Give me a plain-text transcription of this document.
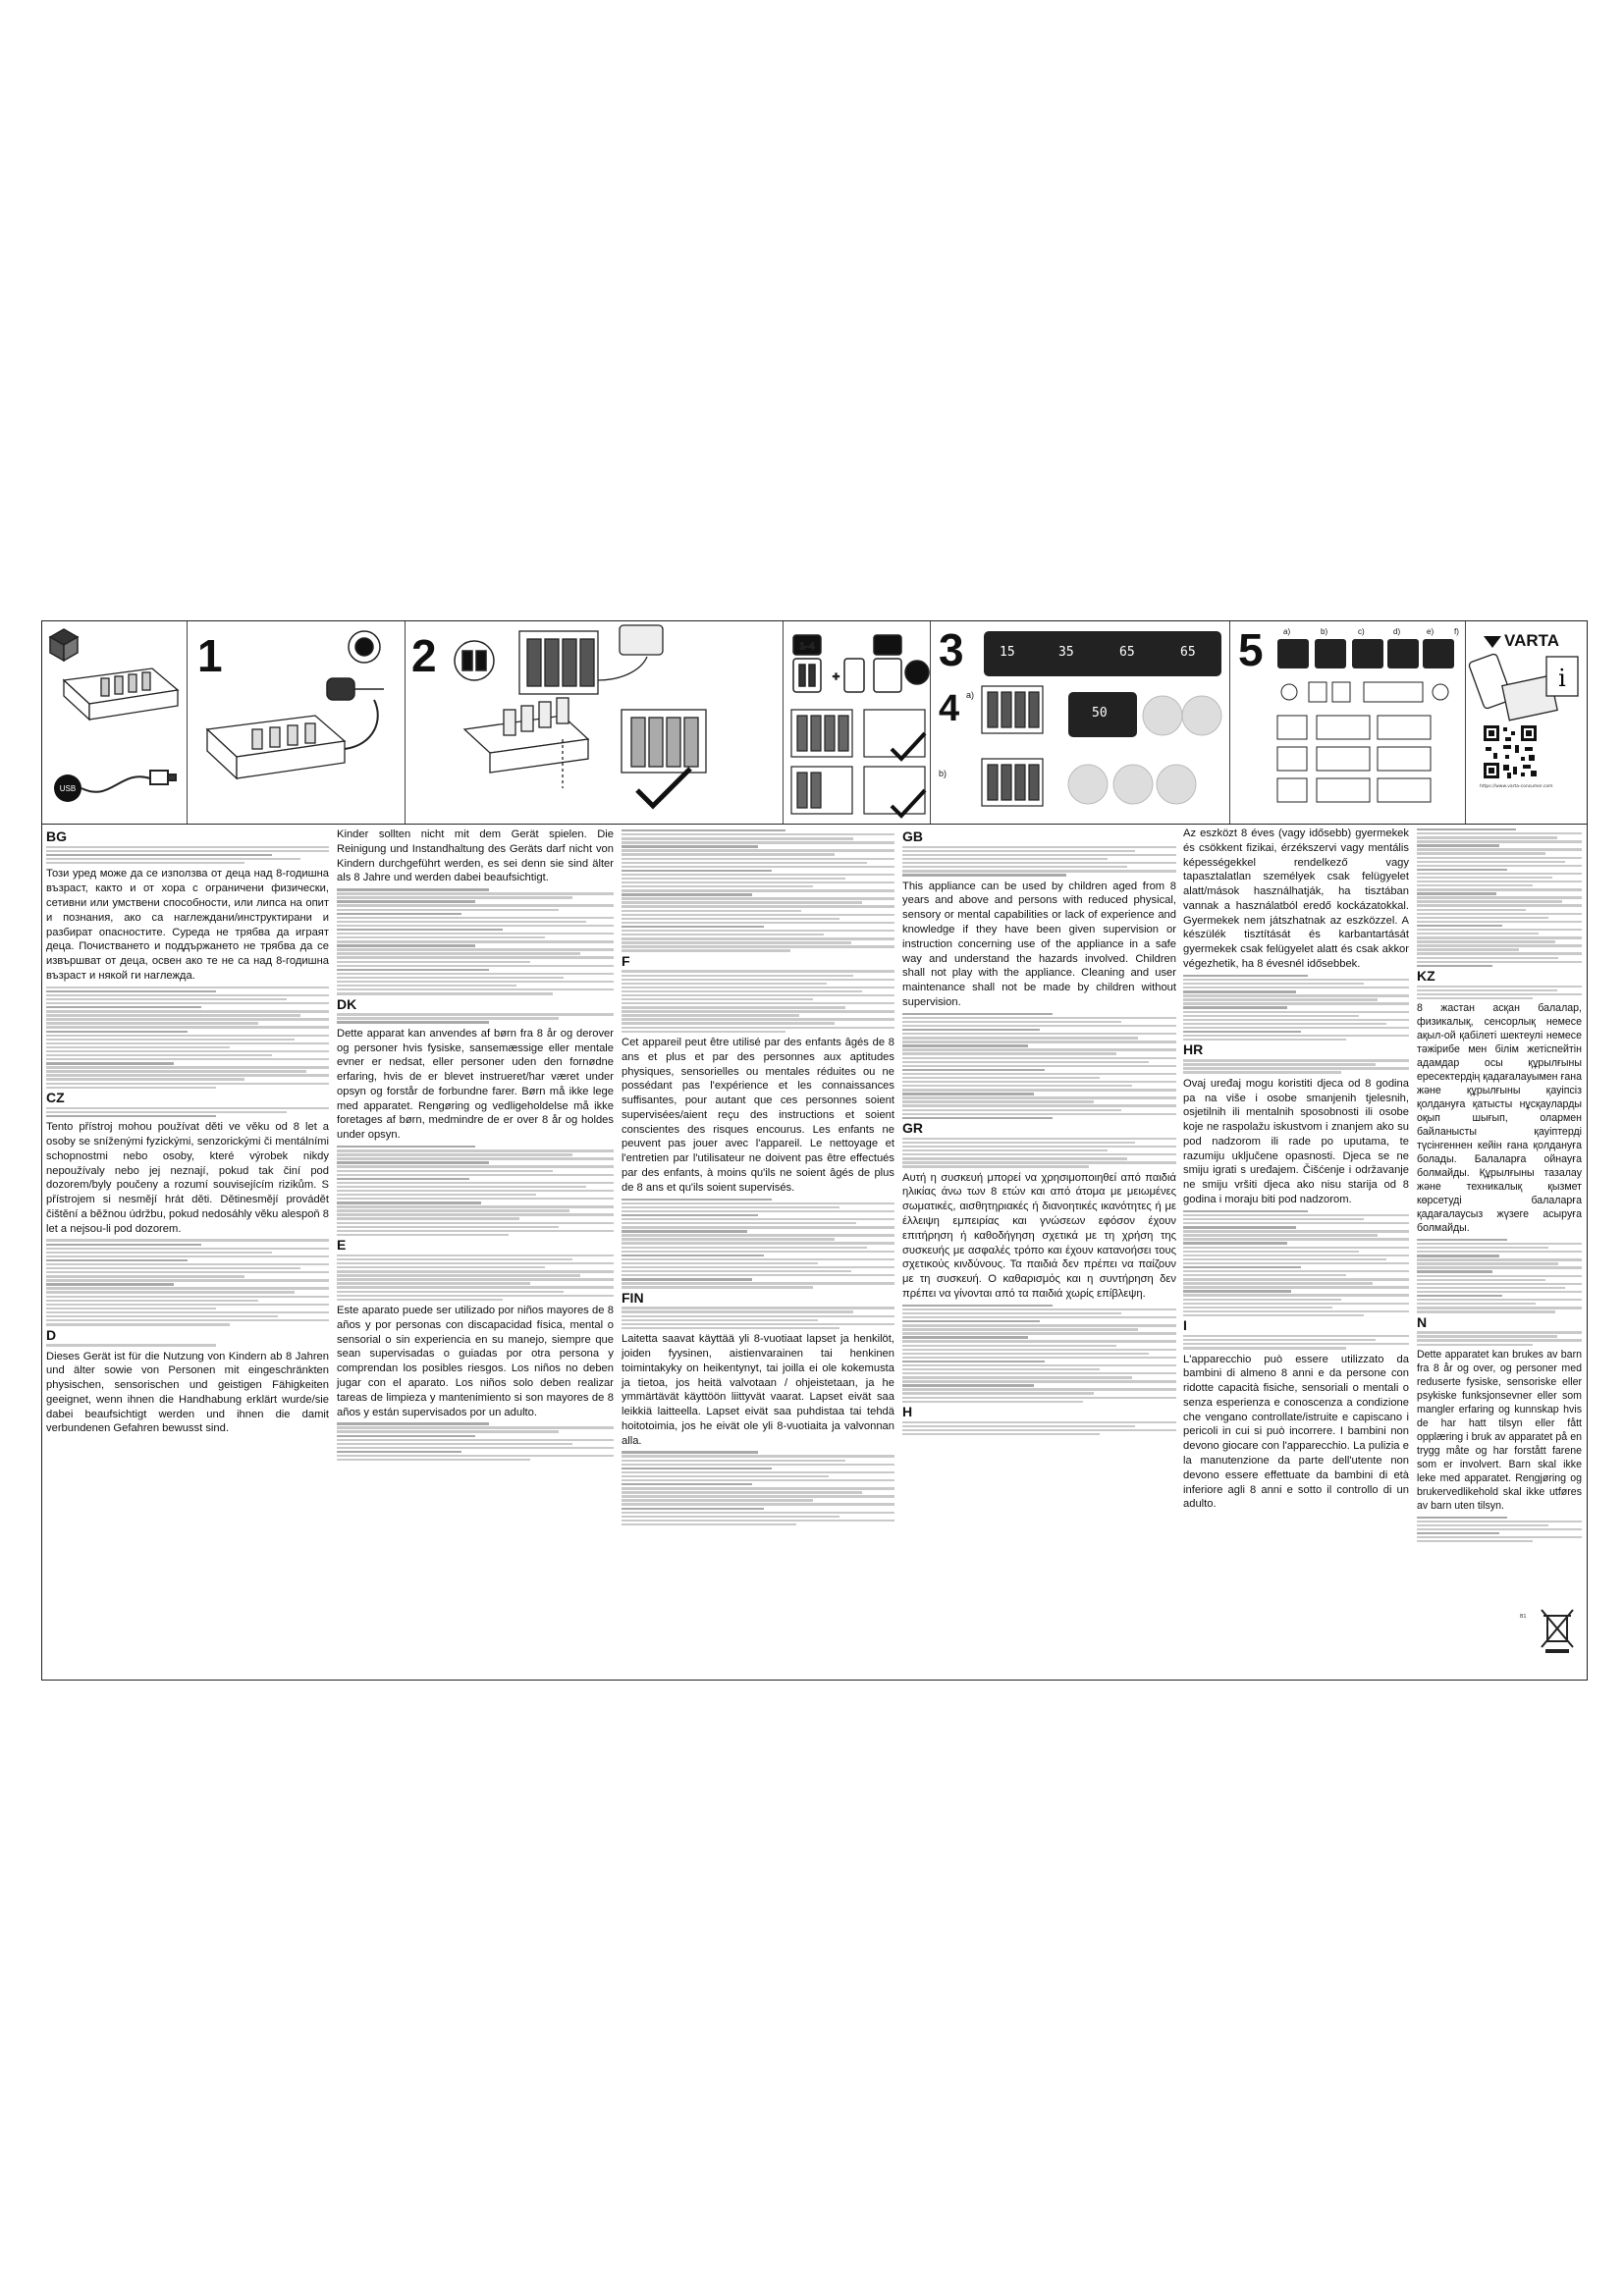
USB
1	2	1–4
+
3	15	35	65	65
4 a)
b)
50
5	a)	b)	c)	d)	e)	f)	VARTA
i
https://www.varta-consumer.com
BG
Този уред може да се използва от деца над 8-годишна възраст, както и от хора с ограничени физически, сетивни или умствени способности, или липса на опит и познания, ако са наглеждани/инструктирани и разбират опасностите. Суреда не трябва да играят деца. Почистването и поддържането не трябва да се извършват от деца, освен ако те не са над 8-годишна възраст и някой ги наглежда.
CZ
Tento přístroj mohou používat děti ve věku od 8 let a osoby se sníženými fyzickými, senzorickými či mentálními schopnostmi nebo osoby, které výrobek nikdy nepoužívaly nebo jej neznají, pokud tak činí pod dozorem/byly poučeny a rozumí souvisejícím rizikům. S přístrojem si nesmějí hrát děti. Dětinesmějí provádět čištění a běžnou údržbu, pokud nedosáhly věku alespoň 8 let a nejsou-li pod dozorem.
D
Dieses Gerät ist für die Nutzung von Kindern ab 8 Jahren und älter sowie von Personen mit eingeschränkten physischen, sensorischen und geistigen Fähigkeiten geeignet, wenn ihnen die Handhabung erklärt wurde/sie dabei beaufsichtigt werden und ihnen die damit verbundenen Gefahren bewusst sind.
Kinder sollten nicht mit dem Gerät spielen. Die Reinigung und Instandhaltung des Geräts darf nicht von Kindern durchgeführt werden, es sei denn sie sind älter als 8 Jahre und werden dabei beaufsichtigt.
DK
Dette apparat kan anvendes af børn fra 8 år og derover og personer hvis fysiske, sansemæssige eller mentale evner er nedsat, eller personer uden den fornødne erfaring, hvis de er blevet instrueret/har været under opsyn og forstår de forbundne farer. Børn må ikke lege med apparatet. Rengøring og vedligeholdelse må ikke foretages af børn, medmindre de er over 8 år og holdes under opsyn.
E
Este aparato puede ser utilizado por niños mayores de 8 años y por personas con discapacidad física, mental o sensorial o sin experiencia en su manejo, siempre que sean supervisadas o guiadas por otra persona y comprendan los posibles riesgos. Los niños no deben jugar con el aparato. Los niños solo deben realizar tareas de limpieza y mantenimiento si son mayores de 8 años y están supervisados por un adulto.
F
Cet appareil peut être utilisé par des enfants âgés de 8 ans et plus et par des personnes aux aptitudes physiques, sensorielles ou mentales réduites ou ne possédant pas l'expérience et les connaissances suffisantes, pour autant que ces personnes soient supervisées/aient reçu des instructions et soient conscientes des risques encourus. Les enfants ne peuvent pas jouer avec l'appareil. Le nettoyage et l'entretien par l'utilisateur ne doivent pas être effectués par des enfants, à moins qu'ils ne soient âgés de plus de 8 ans et qu'ils soient supervisés.
FIN
Laitetta saavat käyttää yli 8-vuotiaat lapset ja henkilöt, joiden fyysinen, aistienvarainen tai henkinen toimintakyky on heikentynyt, tai joilla ei ole kokemusta ja tietoa, jos heitä valvotaan / ohjeistetaan, ja he ymmärtävät käyttöön liittyvät vaarat. Lapset eivät saa leikkiä laitteella. Lapset eivät saa puhdistaa tai tehdä hoitotoimia, jos he eivät ole yli 8-vuotiaita ja valvonnan alla.
GB
This appliance can be used by children aged from 8 years and above and persons with reduced physical, sensory or mental capabilities or lack of experience and knowledge if they have been given supervision or instruction concerning use of the appliance in a safe way and understand the hazards involved. Children shall not play with the appliance. Cleaning and user maintenance shall not be made by children without supervision.
GR
Αυτή η συσκευή μπορεί να χρησιμοποιηθεί από παιδιά ηλικίας άνω των 8 ετών και από άτομα με μειωμένες σωματικές, αισθητηριακές ή διανοητικές ικανότητες ή με έλλειψη εμπειρίας και γνώσεων εφόσον έχουν επιτήρηση ή καθοδήγηση σχετικά με τη χρήση της συσκευής με ασφαλές τρόπο και έχουν κατανοήσει τους σχετικούς κινδύνους. Τα παιδιά δεν πρέπει να παίζουν με τη συσκευή. Ο καθαρισμός και η συντήρηση δεν πρέπει να γίνονται από τα παιδιά χωρίς επίβλεψη.
H
Az eszközt 8 éves (vagy idősebb) gyermekek és csökkent fizikai, érzékszervi vagy mentális képességekkel rendelkező vagy tapasztalatlan személyek csak felügyelet alatt/mások használhatják, ha tisztában vannak a használatból eredő kockázatokkal. Gyermekek nem játszhatnak az eszközzel. A készülék tisztítását és karbantartását gyermekek csak felügyelet alatt és csak akkor végezhetik, ha 8 évesnél idősebbek.
HR
Ovaj uređaj mogu koristiti djeca od 8 godina pa na više i osobe smanjenih tjelesnih, osjetilnih ili mentalnih sposobnosti ili osobe koje ne raspolažu iskustvom i znanjem ako su pod nadzorom ili rade po uputama, te razumiju uključene opasnosti. Djeca se ne smiju igrati s uređajem. Čišćenje i održavanje ne smiju vršiti djeca ako nisu starija od 8 godina i moraju biti pod nadzorom.
I
L'apparecchio può essere utilizzato da bambini di almeno 8 anni e da persone con ridotte capacità fisiche, sensoriali o mentali o senza esperienza e conoscenza a condizione che vengano controllate/istruite e capiscano i pericoli in cui si può incorrere. I bambini non devono giocare con l'apparecchio. La pulizia e la manutenzione da parte dell'utente non devono essere effettuate da bambini di età inferiore agli 8 anni e sotto il controllo di un adulto.
KZ
8 жастан асқан балалар, физикалық, сенсорлық немесе ақыл-ой қабілеті шектеулі немесе тәжірибе мен білім жетіспейтін адамдар осы құрылғыны ересектердің қадағалауымен ғана және құрылғыны қауіпсіз қолдануға қатысты нұсқауларды оқып шығып, олармен байланысты қауіптерді түсінгеннен кейін ғана қолдануға болады. Балаларға ойнауға болмайды. Құрылғыны тазалау және техникалық қызмет көрсетуді балаларға қадағалаусыз жүзеге асыруға болмайды.
N
Dette apparatet kan brukes av barn fra 8 år og over, og personer med reduserte fysiske, sensoriske eller psykiske funksjonsevner eller som mangler erfaring og kunnskap hvis de har hatt tilsyn eller fått opplæring i bruk av apparatet på en trygg måte og har forstått farene som er involvert. Barn skal ikke leke med apparatet. Rengjøring og brukervedlikehold skal ikke utføres av barn uten tilsyn.
B1
